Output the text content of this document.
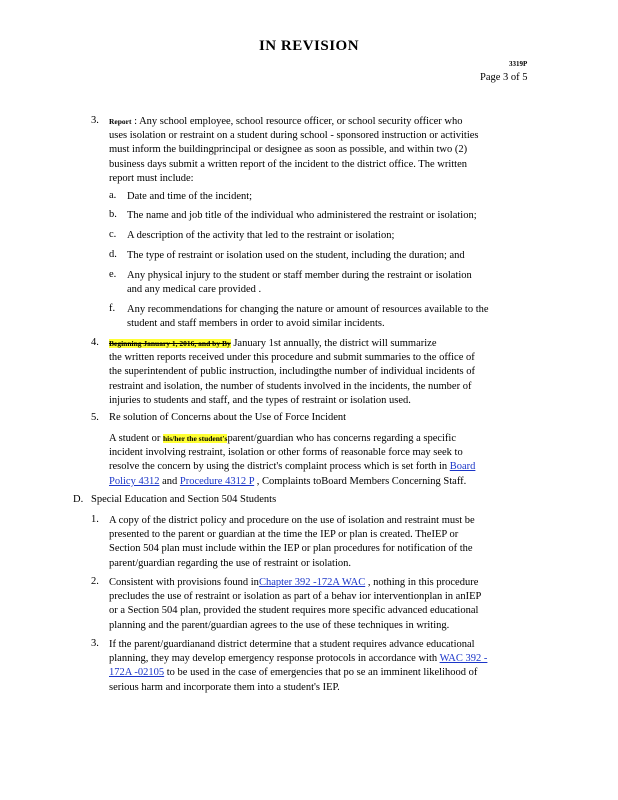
IN REVISION
3319P
Page 3 of 5
3. Report : Any school employee, school resource officer, or school security officer who
uses isolation or restraint on a student during school - sponsored instruction or activities
must inform the buildingprincipal or designee as soon as possible, and within two (2)
business days submit a written report of the incident to the district office. The written
report must include:
a. Date and time of the incident;
b. The name and job title of the individual who administered the restraint or isolation;
c. A description of the activity that led to the restraint or isolation;
d. The type of restraint or isolation used on the student, including the duration; and
e. Any physical injury to the student or staff member during the restraint or isolation
and any medical care provided .
f. Any recommendations for changing the nature or amount of resources available to the
student and staff members in order to avoid similar incidents.
4. Beginning January 1, 2016, and by By January 1st annually, the district will summarize
the written reports received under this procedure and submit summaries to the office of
the superintendent of public instruction, includingthe number of individual incidents of
restraint and isolation, the number of students involved in the incidents, the number of
injuries to students and staff, and the types of restraint or isolation used.
5. Re solution of Concerns about the Use of Force Incident
A student or his/her the student'sparent/guardian who has concerns regarding a specific
incident involving restraint, isolation or other forms of reasonable force may seek to
resolve the concern by using the district's complaint process which is set forth in Board
Policy 4312 and Procedure 4312 P , Complaints toBoard Members Concerning Staff.
D. Special Education and Section 504 Students
1. A copy of the district policy and procedure on the use of isolation and restraint must be
presented to the parent or guardian at the time the IEP or plan is created. TheIEP or
Section 504 plan must include within the IEP or plan procedures for notification of the
parent/guardian regarding the use of restraint or isolation.
2. Consistent with provisions found inChapter 392 -172A WAC , nothing in this procedure
precludes the use of restraint or isolation as part of a behav ior interventionplan in anIEP
or a Section 504 plan, provided the student requires more specific advanced educational
planning and the parent/guardian agrees to the use of these techniques in writing.
3. If the parent/guardianand district determine that a student requires advance educational
planning, they may develop emergency response protocols in accordance with WAC 392 -
172A -02105 to be used in the case of emergencies that po se an imminent likelihood of
serious harm and incorporate them into a student's IEP.
